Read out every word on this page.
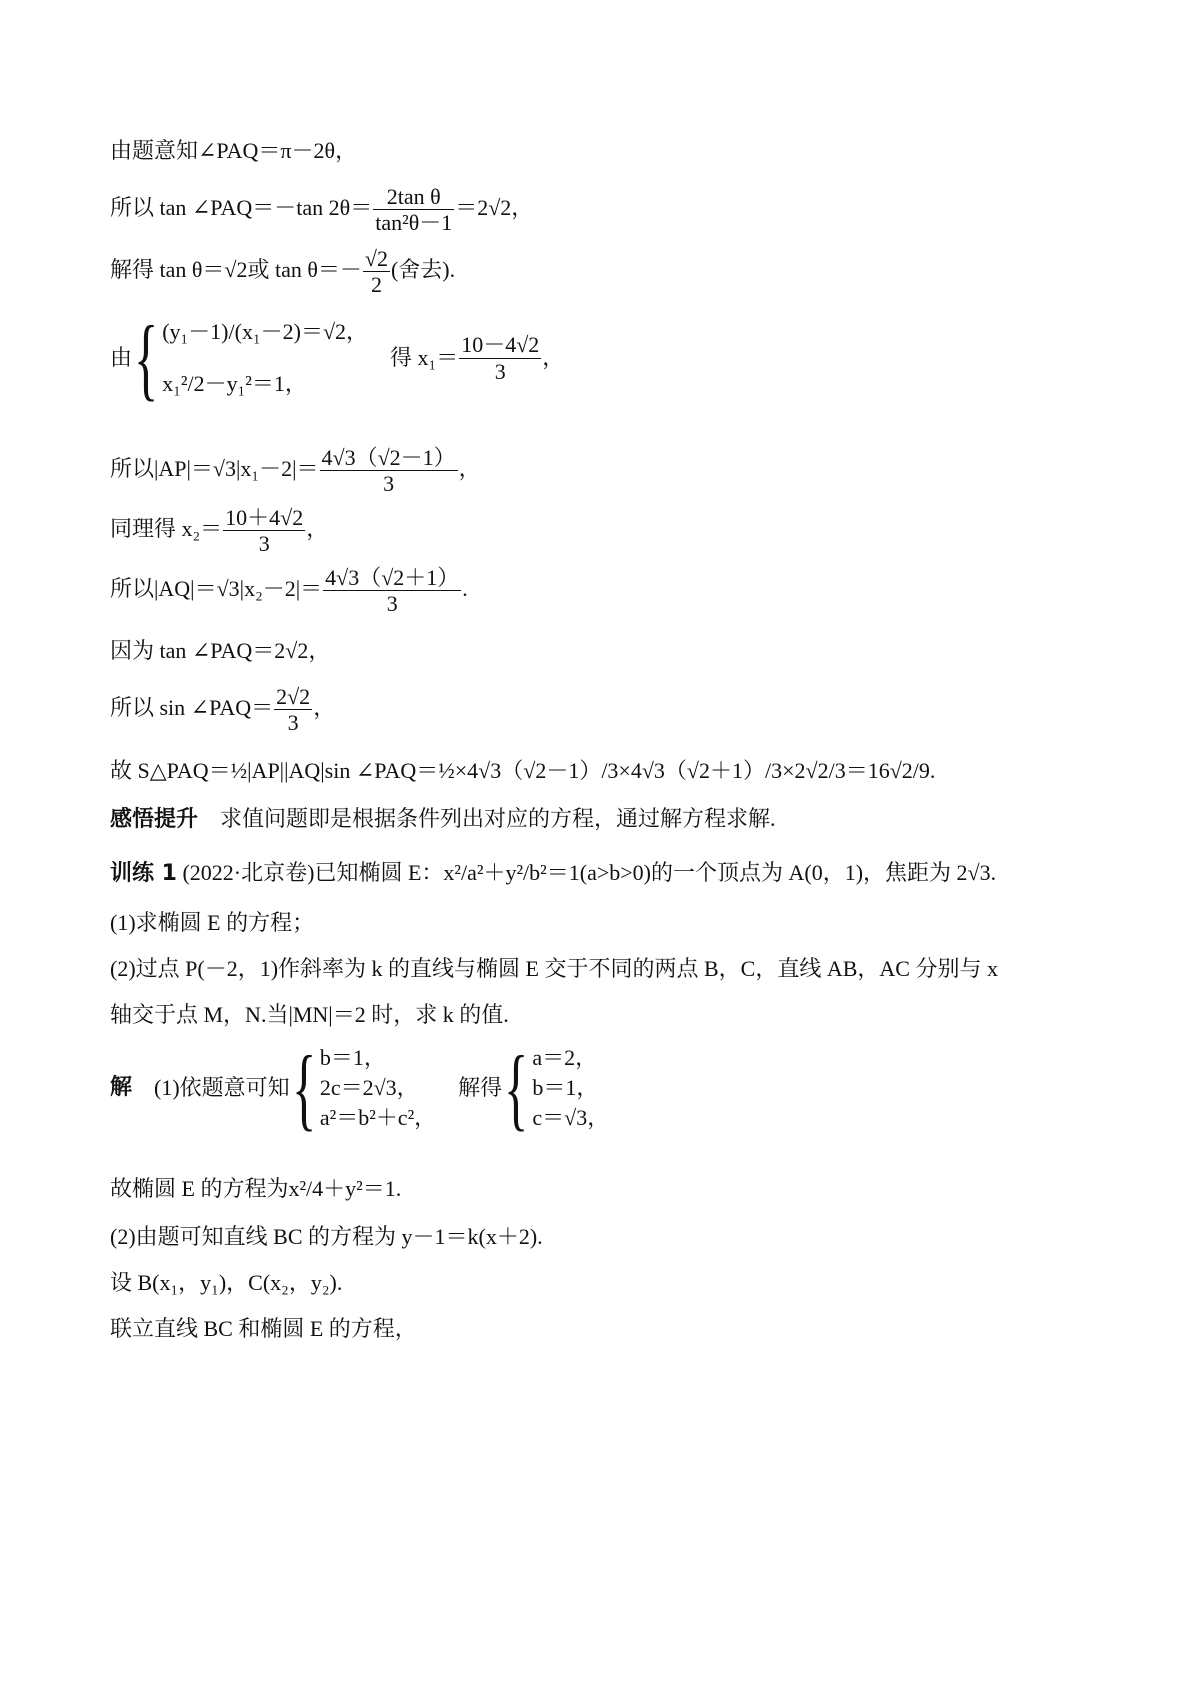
由题意知∠PAQ＝π－2θ，
所以 tan ∠PAQ＝－tan $2\theta= \frac{\text{2tan θ}}{\text{tan²θ－1}} =2√2$，
解得 tan θ＝√2或 $\tan \theta=- \frac{√2}{2}$ (舍去).
由{ (y₁－1)/(x₁－2)＝√2，
x₁²/2－y₁²＝1，
得 $x_1= \frac{10-4√2}{3}$ ，
所以$|AP|=√3|x_1-2|= \frac{4√3(√2-1)}{3}$ ，
同理得 $x_2= \frac{10+4√2}{3}$ ，
所以$|AQ|=√3|x_2-2|= \frac{4√3(√2+1)}{3}$ .
因为 tan ∠PAQ＝2√2，
所以 sin ∠PAQ＝ $\frac{2√2}{3}$ ，
故 S△PAQ＝½|AP||AQ|sin ∠PAQ＝½×4√3（√2－1）/3×4√3（√2＋1）/3×2√2/3＝16√2/9.
感悟提升 求值问题即是根据条件列出对应的方程，通过解方程求解.
训练 1 (2022·北京卷)已知椭圆 E：x²/a²＋y²/b²＝1(a>b>0)的一个顶点为 A(0，1)，焦距为 2√3.
(1)求椭圆 E 的方程；
(2)过点 P(－2，1)作斜率为 k 的直线与椭圆 E 交于不同的两点 B，C，直线 AB，AC 分别与 x
轴交于点 M，N.当|MN|＝2 时，求 k 的值.
解 (1)依题意可知{ b＝1，
2c＝2√3，
a²＝b²＋c²，
解得{ a＝2，
b＝1，
c＝√3，
故椭圆 E 的方程为x²/4＋y²＝1.
(2)由题可知直线 BC 的方程为 y－1＝k(x＋2).
设 B(x₁，y₁)，C(x₂，y₂).
联立直线 BC 和椭圆 E 的方程，
